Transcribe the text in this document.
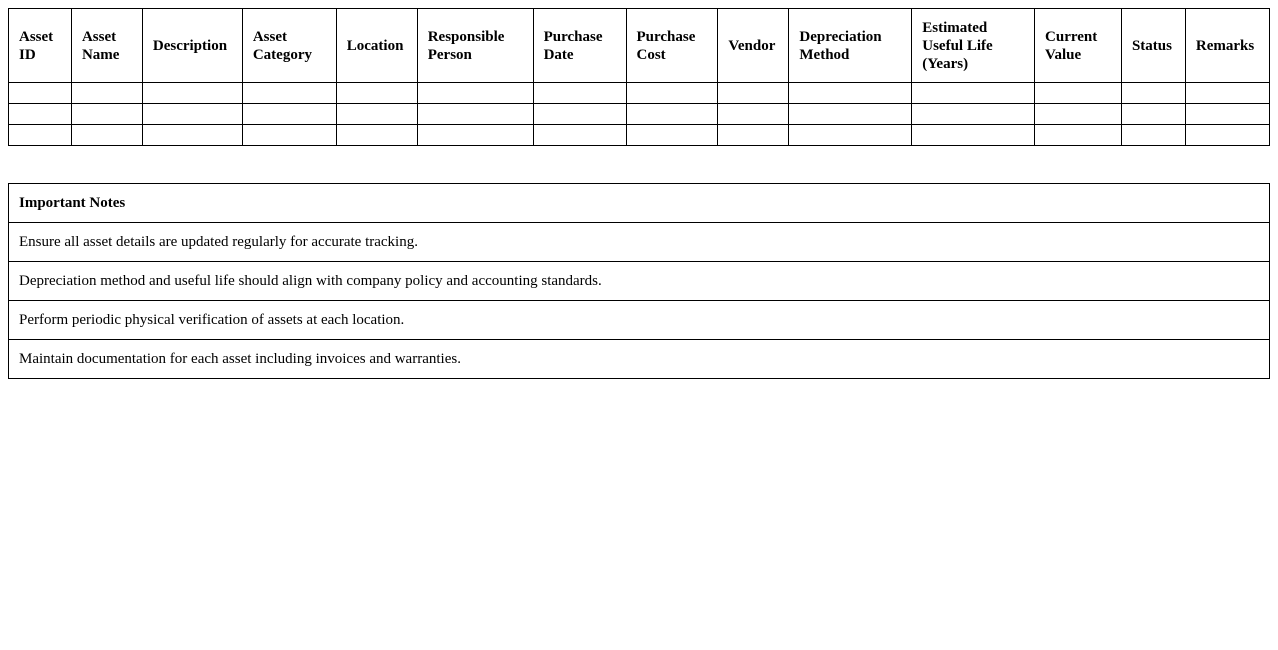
Asset ID	Asset Name	Description	Asset Category	Location	Responsible Person	Purchase Date	Purchase Cost	Vendor	Depreciation Method	Estimated Useful Life (Years)	Current Value	Status	Remarks

Important Notes
Ensure all asset details are updated regularly for accurate tracking.
Depreciation method and useful life should align with company policy and accounting standards.
Perform periodic physical verification of assets at each location.
Maintain documentation for each asset including invoices and warranties.
